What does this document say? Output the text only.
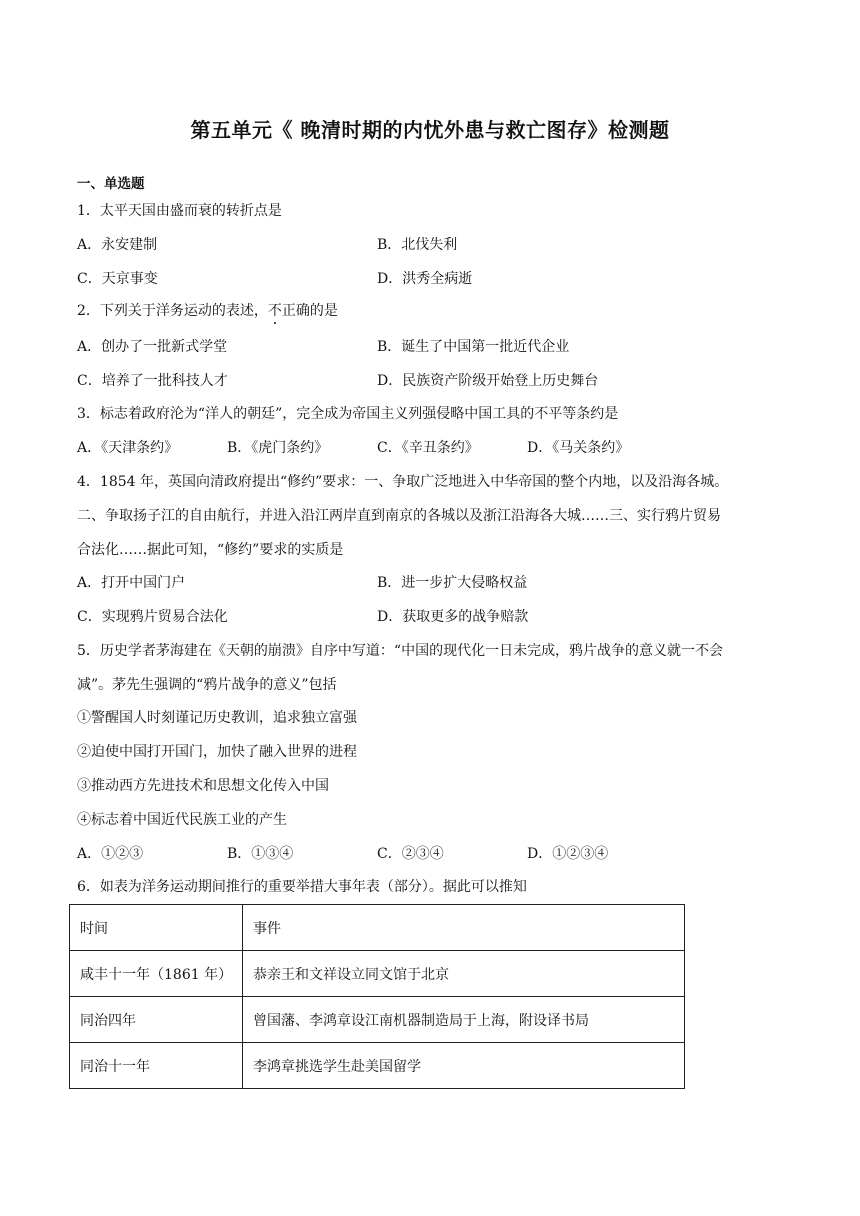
第五单元《 晚清时期的内忧外患与救亡图存》检测题
一、单选题
1．太平天国由盛而衰的转折点是
A．永安建制	B．北伐失利
C．天京事变	D．洪秀全病逝
2．下列关于洋务运动的表述，不正确的是
A．创办了一批新式学堂	B．诞生了中国第一批近代企业
C．培养了一批科技人才	D．民族资产阶级开始登上历史舞台
3．标志着政府沦为“洋人的朝廷”，完全成为帝国主义列强侵略中国工具的不平等条约是
A．《天津条约》	B．《虎门条约》	C．《辛丑条约》	D．《马关条约》
4．1854 年，英国向清政府提出“修约”要求：一、争取广泛地进入中华帝国的整个内地，以及沿海各城。
二、争取扬子江的自由航行，并进入沿江两岸直到南京的各城以及浙江沿海各大城……三、实行鸦片贸易
合法化……据此可知，“修约”要求的实质是
A．打开中国门户	B．进一步扩大侵略权益
C．实现鸦片贸易合法化	D．获取更多的战争赔款
5．历史学者茅海建在《天朝的崩溃》自序中写道：“中国的现代化一日未完成，鸦片战争的意义就一不会
减”。茅先生强调的“鸦片战争的意义”包括
①警醒国人时刻谨记历史教训，追求独立富强
②迫使中国打开国门，加快了融入世界的进程
③推动西方先进技术和思想文化传入中国
④标志着中国近代民族工业的产生
A．①②③	B．①③④	C．②③④	D．①②③④
6．如表为洋务运动期间推行的重要举措大事年表（部分）。据此可以推知
时间	事件
咸丰十一年（1861 年）	恭亲王和文祥设立同文馆于北京
同治四年	曾国藩、李鸿章设江南机器制造局于上海，附设译书局
同治十一年	李鸿章挑选学生赴美国留学
